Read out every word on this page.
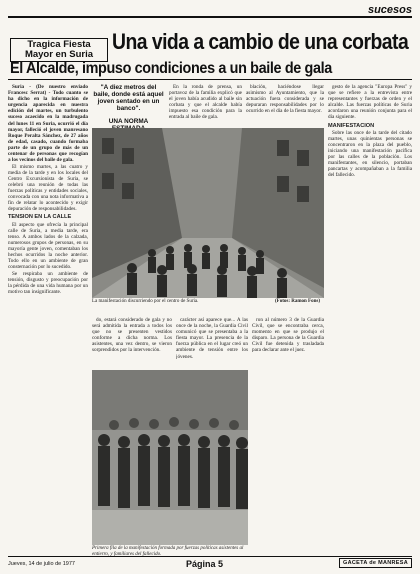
sucesos
Tragica Fiesta Mayor en Suria
Una vida a cambio de una corbata
El Alcalde, impuso condiciones a un baile de gala

Suria - (De nuestro enviado Francesc Serrat) - Todo cuanto se ha dicho en la información de urgencia aparecida en nuestra edición del martes, un turbulento suceso acaecido en la madrugada del lunes 11 en Suria, ocurrió el día mayor, falleció el joven manresano Roque Peralta Sánchez, de 27 años de edad, casado, cuando formaba parte de un grupo de más de un centenar de personas que recogían a los vecinos del baile de gala.

El mismo martes, a las cuatro y media de la tarde y en los locales del Centro Excursionista de Suria, se celebró una reunión de todas las fuerzas políticas y entidades sociales, convocada con una nota informativa a fin de relatar lo acontecido y exigir depuración de responsabilidades.

TENSION EN LA CALLE

El aspecto que ofrecía la principal calle de Suria, a media tarde, era tenso. A ambos lados de la calzada, numerosos grupos de personas, en su mayoría gente joven, comentaban los hechos ocurridos la noche anterior. Todo ello en un ambiente de gran consternación por lo sucedido.

Se respiraba un ambiente de tensión, disgusto y preocupación por la pérdida de una vida humana por un motivo tan insignificante.

"A diez metros del baile, donde está aquel joven sentado en un banco".
UNA NORMA

En la ronda de prensa, un portavoz de la familia explicó que el joven había acudido al baile sin corbata y que el alcalde había impuesto esa condición para la entrada al baile de gala.

blación, haciéndose llegar asimismo al Ayuntamiento, que la actuación fuera considerada y se depuraran responsabilidades por lo ocurrido en el día de la fiesta mayor.

La manifestación discurriendo por el centro de Suria.	(Fotos: Ramon Fons)

do, estará considerado de gala y no será admitida la entrada a todos los que no se presenten vestidos conforme a dicha norma. Los asistentes, una vez dentro, se vieron sorprendidos por la intervención.

carácter así aparece que... A las once de la noche, la Guardia Civil comunicó que se presentaba a la fiesta mayor. La presencia de la fuerza pública en el lugar creó un ambiente de tensión entre los jóvenes.

ron al número 3 de la Guardia Civil, que se encontraba cerca, momento en que se produjo el disparo. La persona de la Guardia Civil fue detenida y trasladada para declarar ante el juez.

Primera fila de la manifestación formada por fuerzas políticas asistentes al entierro, y familiares del fallecido.

gesto de la agencia "Europa Press" y que se refiere a la entrevista entre representantes y fuerzas de orden y el alcalde. Las fuerzas políticas de Suria acordaron una reunión conjunta para el día siguiente.

MANIFESTACION

Sobre las once de la tarde del citado martes, unas quinientas personas se concentraron en la plaza del pueblo, iniciando una manifestación pacífica por las calles de la población. Los manifestantes, en silencio, portaban pancartas y acompañaban a la familia del fallecido.

Jueves, 14 de julio de 1977	Página 5	GACETA de MANRESA
